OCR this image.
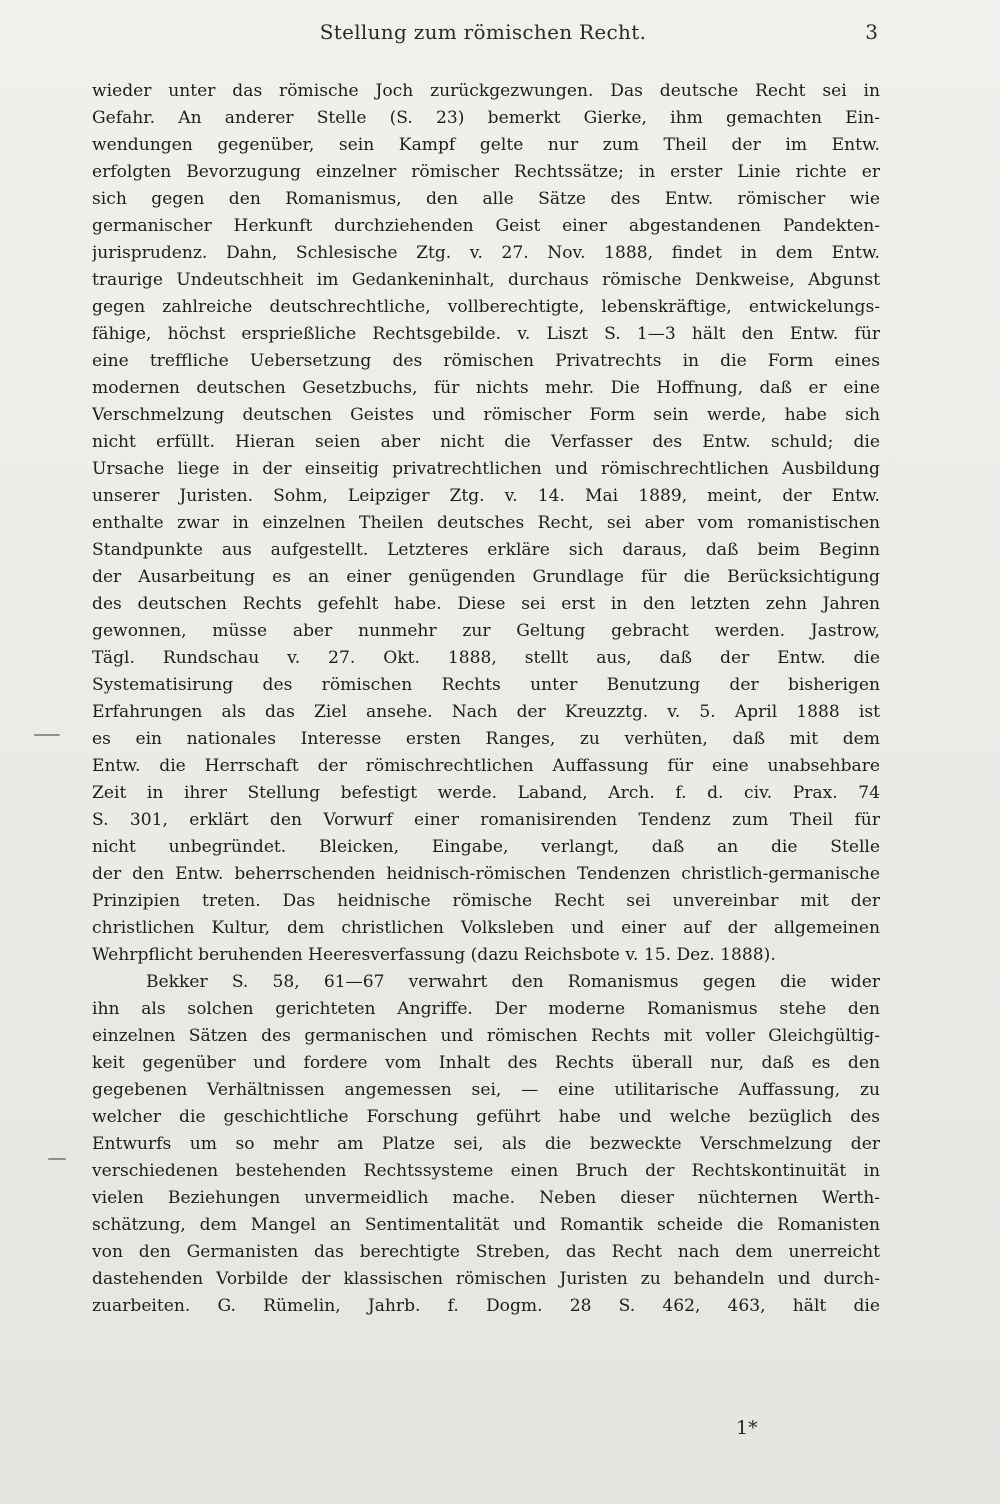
Stellung zum römischen Recht.	3
wieder unter das römische Joch zurückgezwungen. Das deutsche Recht sei in
Gefahr. An anderer Stelle (S. 23) bemerkt Gierke, ihm gemachten Ein-
wendungen gegenüber, sein Kampf gelte nur zum Theil der im Entw.
erfolgten Bevorzugung einzelner römischer Rechtssätze; in erster Linie richte er
sich gegen den Romanismus, den alle Sätze des Entw. römischer wie
germanischer Herkunft durchziehenden Geist einer abgestandenen Pandekten-
jurisprudenz. Dahn, Schlesische Ztg. v. 27. Nov. 1888, findet in dem Entw.
traurige Undeutschheit im Gedankeninhalt, durchaus römische Denkweise, Abgunst
gegen zahlreiche deutschrechtliche, vollberechtigte, lebenskräftige, entwickelungs-
fähige, höchst ersprießliche Rechtsgebilde. v. Liszt S. 1—3 hält den Entw. für
eine treffliche Uebersetzung des römischen Privatrechts in die Form eines
modernen deutschen Gesetzbuchs, für nichts mehr. Die Hoffnung, daß er eine
Verschmelzung deutschen Geistes und römischer Form sein werde, habe sich
nicht erfüllt. Hieran seien aber nicht die Verfasser des Entw. schuld; die
Ursache liege in der einseitig privatrechtlichen und römischrechtlichen Ausbildung
unserer Juristen. Sohm, Leipziger Ztg. v. 14. Mai 1889, meint, der Entw.
enthalte zwar in einzelnen Theilen deutsches Recht, sei aber vom romanistischen
Standpunkte aus aufgestellt. Letzteres erkläre sich daraus, daß beim Beginn
der Ausarbeitung es an einer genügenden Grundlage für die Berücksichtigung
des deutschen Rechts gefehlt habe. Diese sei erst in den letzten zehn Jahren
gewonnen, müsse aber nunmehr zur Geltung gebracht werden. Jastrow,
Tägl. Rundschau v. 27. Okt. 1888, stellt aus, daß der Entw. die
Systematisirung des römischen Rechts unter Benutzung der bisherigen
Erfahrungen als das Ziel ansehe. Nach der Kreuzztg. v. 5. April 1888 ist
es ein nationales Interesse ersten Ranges, zu verhüten, daß mit dem
Entw. die Herrschaft der römischrechtlichen Auffassung für eine unabsehbare
Zeit in ihrer Stellung befestigt werde. Laband, Arch. f. d. civ. Prax. 74
S. 301, erklärt den Vorwurf einer romanisirenden Tendenz zum Theil für
nicht unbegründet. Bleicken, Eingabe, verlangt, daß an die Stelle
der den Entw. beherrschenden heidnisch-römischen Tendenzen christlich-germanische
Prinzipien treten. Das heidnische römische Recht sei unvereinbar mit der
christlichen Kultur, dem christlichen Volksleben und einer auf der allgemeinen
Wehrpflicht beruhenden Heeresverfassung (dazu Reichsbote v. 15. Dez. 1888).
Bekker S. 58, 61—67 verwahrt den Romanismus gegen die wider
ihn als solchen gerichteten Angriffe. Der moderne Romanismus stehe den
einzelnen Sätzen des germanischen und römischen Rechts mit voller Gleichgültig-
keit gegenüber und fordere vom Inhalt des Rechts überall nur, daß es den
gegebenen Verhältnissen angemessen sei, — eine utilitarische Auffassung, zu
welcher die geschichtliche Forschung geführt habe und welche bezüglich des
Entwurfs um so mehr am Platze sei, als die bezweckte Verschmelzung der
verschiedenen bestehenden Rechtssysteme einen Bruch der Rechtskontinuität in
vielen Beziehungen unvermeidlich mache. Neben dieser nüchternen Werth-
schätzung, dem Mangel an Sentimentalität und Romantik scheide die Romanisten
von den Germanisten das berechtigte Streben, das Recht nach dem unerreicht
dastehenden Vorbilde der klassischen römischen Juristen zu behandeln und durch-
zuarbeiten. G. Rümelin, Jahrb. f. Dogm. 28 S. 462, 463, hält die
1*
